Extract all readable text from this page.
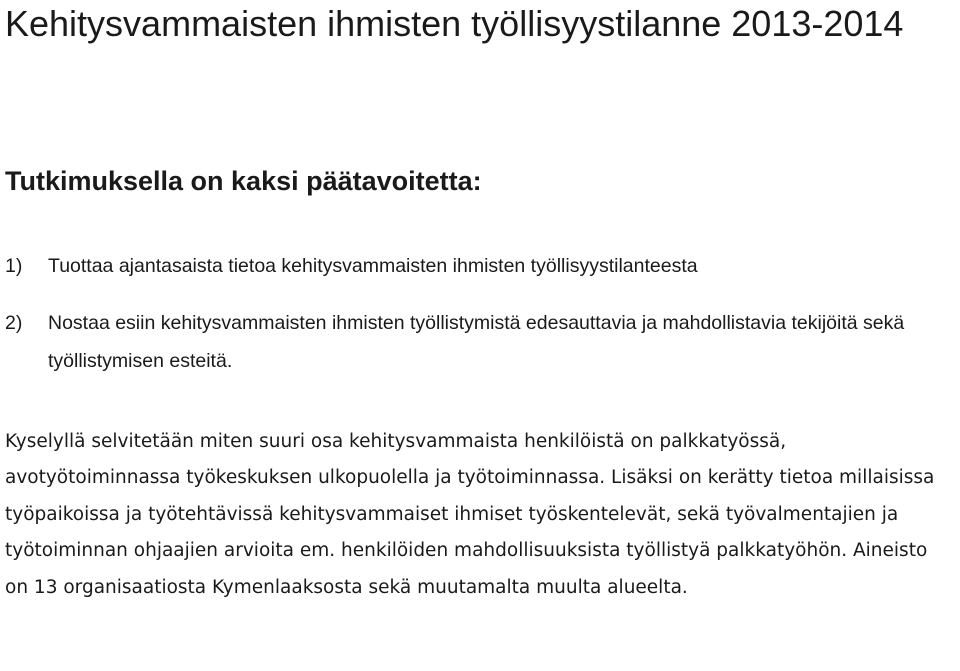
Kehitysvammaisten ihmisten työllisyystilanne 2013-2014
Tutkimuksella on kaksi päätavoitetta:
1)	Tuottaa ajantasaista tietoa kehitysvammaisten ihmisten työllisyystilanteesta
2)	Nostaa esiin kehitysvammaisten ihmisten työllistymistä edesauttavia ja mahdollistavia tekijöitä sekä työllistymisen esteitä.

Kyselyllä selvitetään miten suuri osa kehitysvammaista henkilöistä on palkkatyössä, avotyötoiminnassa työkeskuksen ulkopuolella ja työtoiminnassa. Lisäksi on kerätty tietoa millaisissa työpaikoissa ja työtehtävissä kehitysvammaiset ihmiset työskentelevät, sekä työvalmentajien ja työtoiminnan ohjaajien arvioita em. henkilöiden mahdollisuuksista työllistyä palkkatyöhön. Aineisto on 13 organisaatiosta Kymenlaaksosta sekä muutamalta muulta alueelta.
